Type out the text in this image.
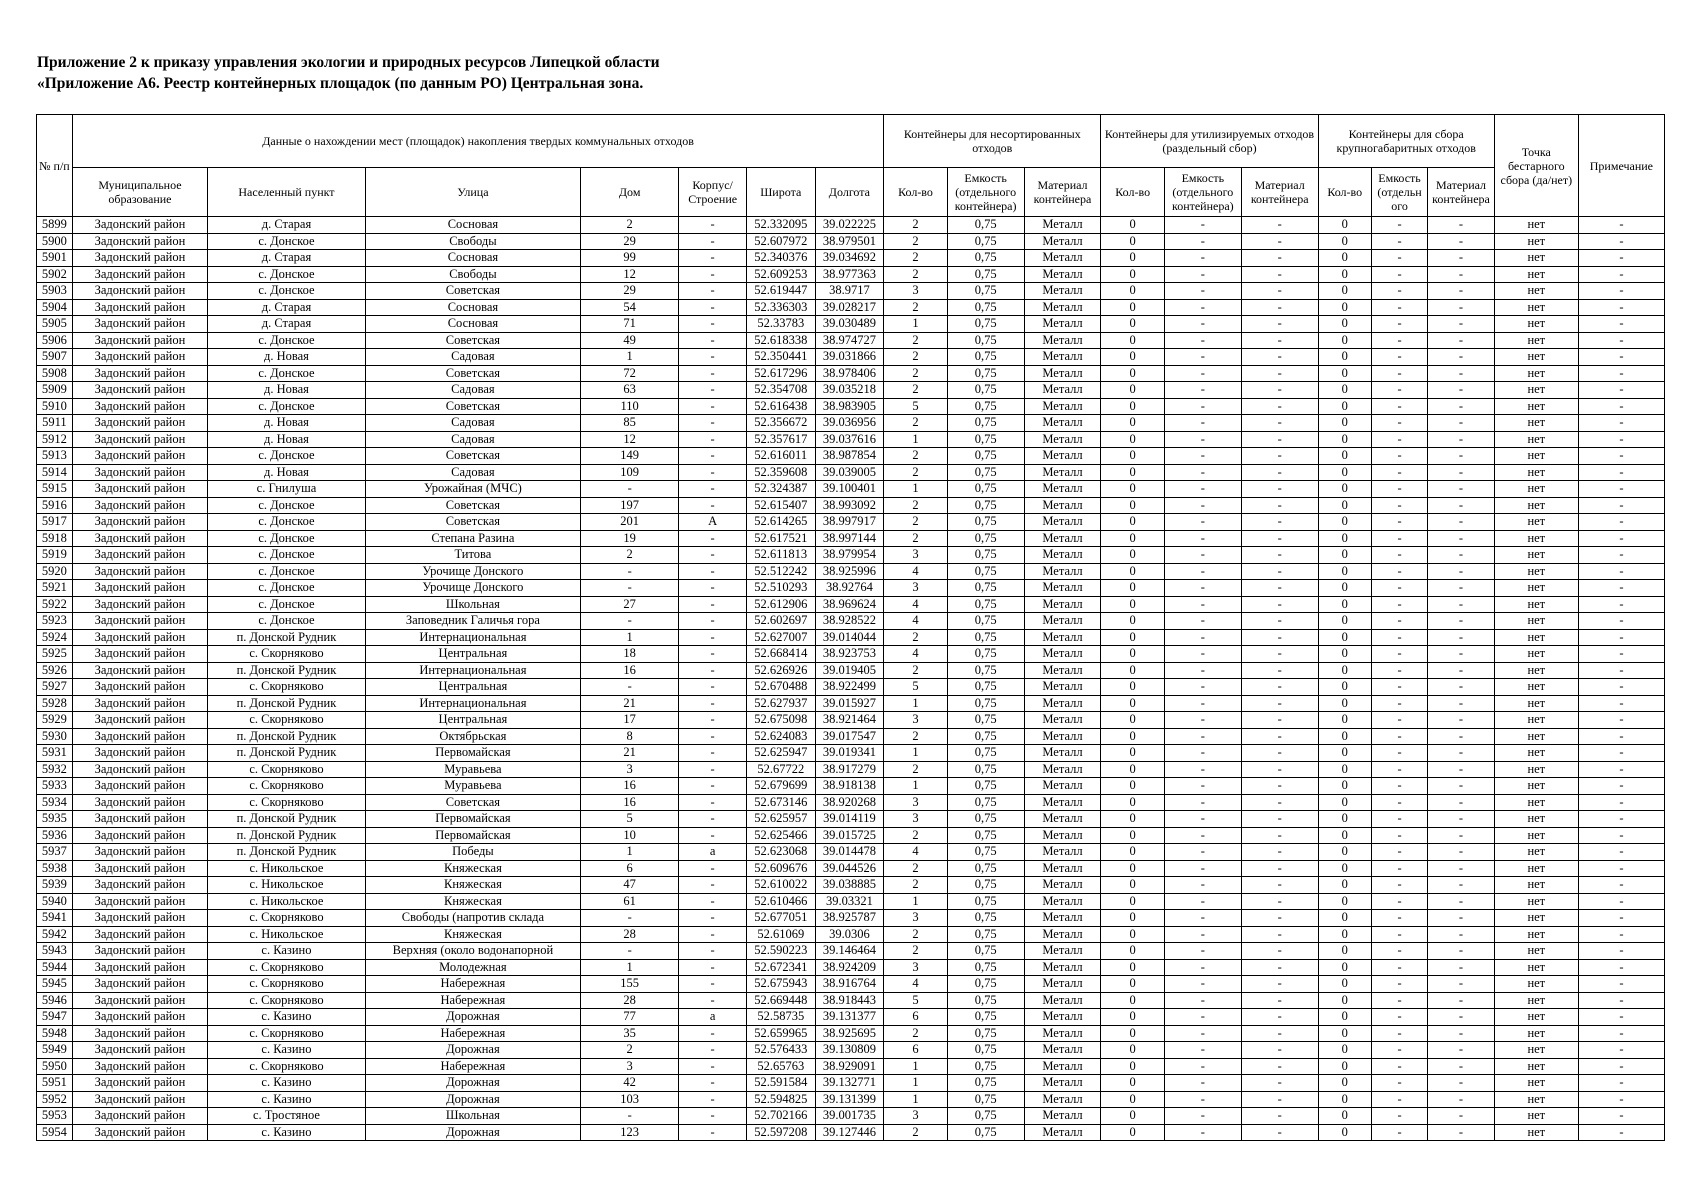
Приложение 2 к приказу управления экологии и природных ресурсов Липецкой области
«Приложение А6. Реестр контейнерных площадок (по данным РО) Центральная зона.
№ п/п	Данные о нахождении мест (площадок) накопления твердых коммунальных отходов							Контейнеры для несортированных отходов			Контейнеры для утилизируемых отходов (раздельный сбор)			Контейнеры для сбора крупногабаритных отходов			Точка бестарного сбора (да/нет)	Примечание
	Муниципальное образование	Населенный пункт	Улица	Дом	Корпус/ Строение	Широта	Долгота	Кол-во	Емкость (отдельного контейнера)	Материал контейнера	Кол-во	Емкость (отдельного контейнера)	Материал контейнера	Кол-во	Емкость (отдельн ого	Материал контейнера		
5899	Задонский район	д. Старая	Сосновая	2	-	52.332095	39.022225	2	0,75	Металл	0	-	-	0	-	-	нет	-
5900	Задонский район	с. Донское	Свободы	29	-	52.607972	38.979501	2	0,75	Металл	0	-	-	0	-	-	нет	-
5901	Задонский район	д. Старая	Сосновая	99	-	52.340376	39.034692	2	0,75	Металл	0	-	-	0	-	-	нет	-
5902	Задонский район	с. Донское	Свободы	12	-	52.609253	38.977363	2	0,75	Металл	0	-	-	0	-	-	нет	-
5903	Задонский район	с. Донское	Советская	29	-	52.619447	38.9717	3	0,75	Металл	0	-	-	0	-	-	нет	-
5904	Задонский район	д. Старая	Сосновая	54	-	52.336303	39.028217	2	0,75	Металл	0	-	-	0	-	-	нет	-
5905	Задонский район	д. Старая	Сосновая	71	-	52.33783	39.030489	1	0,75	Металл	0	-	-	0	-	-	нет	-
5906	Задонский район	с. Донское	Советская	49	-	52.618338	38.974727	2	0,75	Металл	0	-	-	0	-	-	нет	-
5907	Задонский район	д. Новая	Садовая	1	-	52.350441	39.031866	2	0,75	Металл	0	-	-	0	-	-	нет	-
5908	Задонский район	с. Донское	Советская	72	-	52.617296	38.978406	2	0,75	Металл	0	-	-	0	-	-	нет	-
5909	Задонский район	д. Новая	Садовая	63	-	52.354708	39.035218	2	0,75	Металл	0	-	-	0	-	-	нет	-
5910	Задонский район	с. Донское	Советская	110	-	52.616438	38.983905	5	0,75	Металл	0	-	-	0	-	-	нет	-
5911	Задонский район	д. Новая	Садовая	85	-	52.356672	39.036956	2	0,75	Металл	0	-	-	0	-	-	нет	-
5912	Задонский район	д. Новая	Садовая	12	-	52.357617	39.037616	1	0,75	Металл	0	-	-	0	-	-	нет	-
5913	Задонский район	с. Донское	Советская	149	-	52.616011	38.987854	2	0,75	Металл	0	-	-	0	-	-	нет	-
5914	Задонский район	д. Новая	Садовая	109	-	52.359608	39.039005	2	0,75	Металл	0	-	-	0	-	-	нет	-
5915	Задонский район	с. Гнилуша	Урожайная (МЧС)	-	-	52.324387	39.100401	1	0,75	Металл	0	-	-	0	-	-	нет	-
5916	Задонский район	с. Донское	Советская	197	-	52.615407	38.993092	2	0,75	Металл	0	-	-	0	-	-	нет	-
5917	Задонский район	с. Донское	Советская	201	А	52.614265	38.997917	2	0,75	Металл	0	-	-	0	-	-	нет	-
5918	Задонский район	с. Донское	Степана Разина	19	-	52.617521	38.997144	2	0,75	Металл	0	-	-	0	-	-	нет	-
5919	Задонский район	с. Донское	Титова	2	-	52.611813	38.979954	3	0,75	Металл	0	-	-	0	-	-	нет	-
5920	Задонский район	с. Донское	Урочище Донского	-	-	52.512242	38.925996	4	0,75	Металл	0	-	-	0	-	-	нет	-
5921	Задонский район	с. Донское	Урочище Донского	-	-	52.510293	38.92764	3	0,75	Металл	0	-	-	0	-	-	нет	-
5922	Задонский район	с. Донское	Школьная	27	-	52.612906	38.969624	4	0,75	Металл	0	-	-	0	-	-	нет	-
5923	Задонский район	с. Донское	Заповедник Галичья гора	-	-	52.602697	38.928522	4	0,75	Металл	0	-	-	0	-	-	нет	-
5924	Задонский район	п. Донской Рудник	Интернациональная	1	-	52.627007	39.014044	2	0,75	Металл	0	-	-	0	-	-	нет	-
5925	Задонский район	с. Скорняково	Центральная	18	-	52.668414	38.923753	4	0,75	Металл	0	-	-	0	-	-	нет	-
5926	Задонский район	п. Донской Рудник	Интернациональная	16	-	52.626926	39.019405	2	0,75	Металл	0	-	-	0	-	-	нет	-
5927	Задонский район	с. Скорняково	Центральная	-	-	52.670488	38.922499	5	0,75	Металл	0	-	-	0	-	-	нет	-
5928	Задонский район	п. Донской Рудник	Интернациональная	21	-	52.627937	39.015927	1	0,75	Металл	0	-	-	0	-	-	нет	-
5929	Задонский район	с. Скорняково	Центральная	17	-	52.675098	38.921464	3	0,75	Металл	0	-	-	0	-	-	нет	-
5930	Задонский район	п. Донской Рудник	Октябрьская	8	-	52.624083	39.017547	2	0,75	Металл	0	-	-	0	-	-	нет	-
5931	Задонский район	п. Донской Рудник	Первомайская	21	-	52.625947	39.019341	1	0,75	Металл	0	-	-	0	-	-	нет	-
5932	Задонский район	с. Скорняково	Муравьева	3	-	52.67722	38.917279	2	0,75	Металл	0	-	-	0	-	-	нет	-
5933	Задонский район	с. Скорняково	Муравьева	16	-	52.679699	38.918138	1	0,75	Металл	0	-	-	0	-	-	нет	-
5934	Задонский район	с. Скорняково	Советская	16	-	52.673146	38.920268	3	0,75	Металл	0	-	-	0	-	-	нет	-
5935	Задонский район	п. Донской Рудник	Первомайская	5	-	52.625957	39.014119	3	0,75	Металл	0	-	-	0	-	-	нет	-
5936	Задонский район	п. Донской Рудник	Первомайская	10	-	52.625466	39.015725	2	0,75	Металл	0	-	-	0	-	-	нет	-
5937	Задонский район	п. Донской Рудник	Победы	1	а	52.623068	39.014478	4	0,75	Металл	0	-	-	0	-	-	нет	-
5938	Задонский район	с. Никольское	Княжеская	6	-	52.609676	39.044526	2	0,75	Металл	0	-	-	0	-	-	нет	-
5939	Задонский район	с. Никольское	Княжеская	47	-	52.610022	39.038885	2	0,75	Металл	0	-	-	0	-	-	нет	-
5940	Задонский район	с. Никольское	Княжеская	61	-	52.610466	39.03321	1	0,75	Металл	0	-	-	0	-	-	нет	-
5941	Задонский район	с. Скорняково	Свободы (напротив склада	-	-	52.677051	38.925787	3	0,75	Металл	0	-	-	0	-	-	нет	-
5942	Задонский район	с. Никольское	Княжеская	28	-	52.61069	39.0306	2	0,75	Металл	0	-	-	0	-	-	нет	-
5943	Задонский район	с. Казино	Верхняя (около водонапорной	-	-	52.590223	39.146464	2	0,75	Металл	0	-	-	0	-	-	нет	-
5944	Задонский район	с. Скорняково	Молодежная	1	-	52.672341	38.924209	3	0,75	Металл	0	-	-	0	-	-	нет	-
5945	Задонский район	с. Скорняково	Набережная	155	-	52.675943	38.916764	4	0,75	Металл	0	-	-	0	-	-	нет	-
5946	Задонский район	с. Скорняково	Набережная	28	-	52.669448	38.918443	5	0,75	Металл	0	-	-	0	-	-	нет	-
5947	Задонский район	с. Казино	Дорожная	77	а	52.58735	39.131377	6	0,75	Металл	0	-	-	0	-	-	нет	-
5948	Задонский район	с. Скорняково	Набережная	35	-	52.659965	38.925695	2	0,75	Металл	0	-	-	0	-	-	нет	-
5949	Задонский район	с. Казино	Дорожная	2	-	52.576433	39.130809	6	0,75	Металл	0	-	-	0	-	-	нет	-
5950	Задонский район	с. Скорняково	Набережная	3	-	52.65763	38.929091	1	0,75	Металл	0	-	-	0	-	-	нет	-
5951	Задонский район	с. Казино	Дорожная	42	-	52.591584	39.132771	1	0,75	Металл	0	-	-	0	-	-	нет	-
5952	Задонский район	с. Казино	Дорожная	103	-	52.594825	39.131399	1	0,75	Металл	0	-	-	0	-	-	нет	-
5953	Задонский район	с. Тростяное	Школьная	-	-	52.702166	39.001735	3	0,75	Металл	0	-	-	0	-	-	нет	-
5954	Задонский район	с. Казино	Дорожная	123	-	52.597208	39.127446	2	0,75	Металл	0	-	-	0	-	-	нет	-
